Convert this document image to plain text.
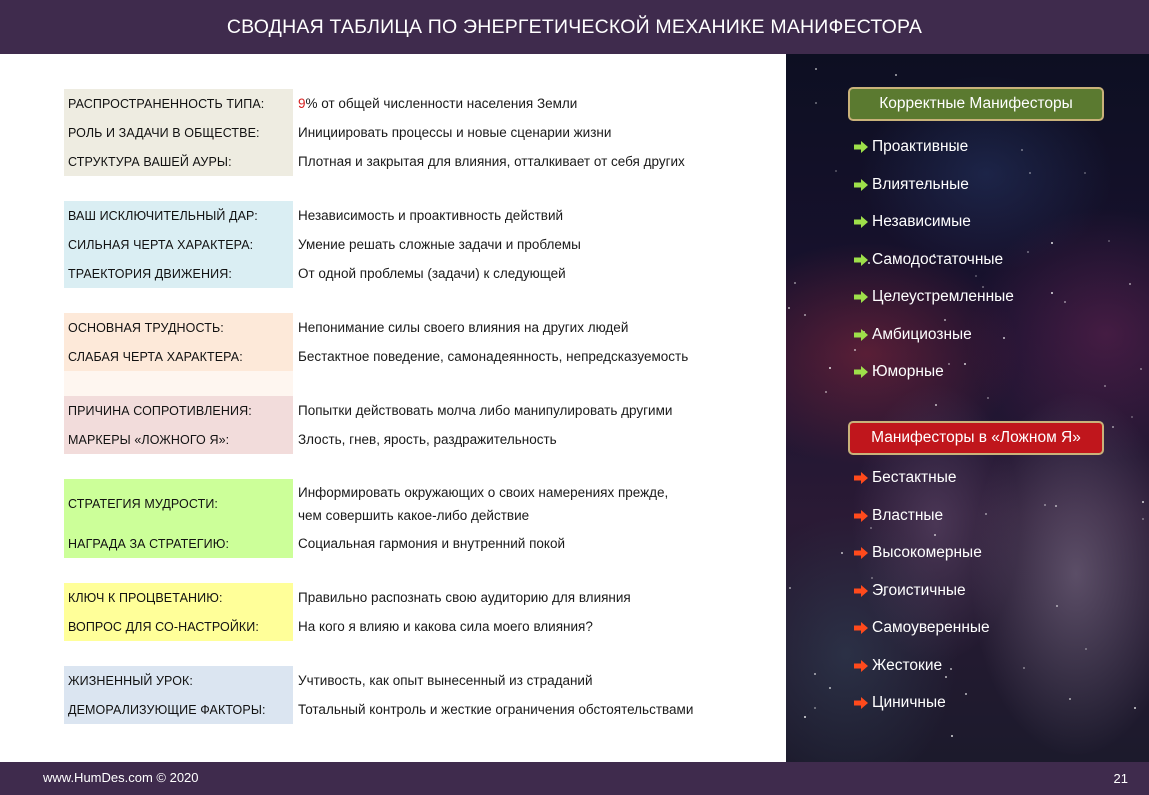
СВОДНАЯ ТАБЛИЦА ПО ЭНЕРГЕТИЧЕСКОЙ МЕХАНИКЕ МАНИФЕСТОРА
РАСПРОСТРАНЕННОСТЬ ТИПА:	9% от общей численности населения Земли
РОЛЬ И ЗАДАЧИ В ОБЩЕСТВЕ:	Инициировать процессы и новые сценарии жизни
СТРУКТУРА ВАШЕЙ АУРЫ:	Плотная и закрытая для влияния, отталкивает от себя других
ВАШ ИСКЛЮЧИТЕЛЬНЫЙ ДАР:	Независимость и проактивность действий
СИЛЬНАЯ ЧЕРТА ХАРАКТЕРА:	Умение решать сложные задачи и проблемы
ТРАЕКТОРИЯ ДВИЖЕНИЯ:	От одной проблемы (задачи) к следующей
ОСНОВНАЯ ТРУДНОСТЬ:	Непонимание силы своего влияния на других людей
СЛАБАЯ ЧЕРТА ХАРАКТЕРА:	Бестактное поведение, самонадеянность, непредсказуемость
ПРИЧИНА СОПРОТИВЛЕНИЯ:	Попытки действовать молча либо манипулировать другими
МАРКЕРЫ «ЛОЖНОГО Я»:	Злость, гнев, ярость, раздражительность
СТРАТЕГИЯ МУДРОСТИ:
Информировать окружающих о своих намерениях прежде,
чем совершить какое-либо действие
НАГРАДА ЗА СТРАТЕГИЮ:	Социальная гармония и внутренний покой
КЛЮЧ К ПРОЦВЕТАНИЮ:	Правильно распознать свою аудиторию для влияния
ВОПРОС ДЛЯ СО-НАСТРОЙКИ:	На кого я влияю и какова сила моего влияния?
ЖИЗНЕННЫЙ УРОК:	Учтивость, как опыт вынесенный из страданий
ДЕМОРАЛИЗУЮЩИЕ ФАКТОРЫ:	Тотальный контроль и жесткие ограничения обстоятельствами
Корректные Манифесторы
Проактивные
Влиятельные
Независимые
Самодостаточные
Целеустремленные
Амбициозные
Юморные
Манифесторы в «Ложном Я»
Бестактные
Властные
Высокомерные
Эгоистичные
Самоуверенные
Жестокие
Циничные
www.HumDes.com © 2020	21
